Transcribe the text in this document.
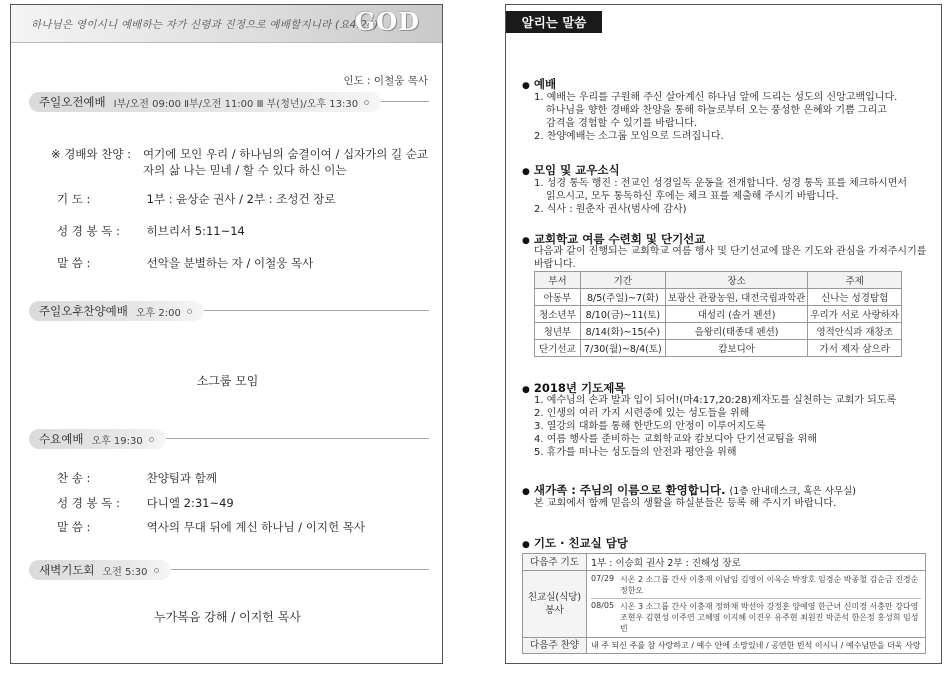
하나님은 영이시니 예배하는 자가 신령과 진정으로 예배할지니라 (요4:24)
GOD
인도 : 이철웅 목사
주일오전예배 Ⅰ부/오전 09:00 Ⅱ부/오전 11:00 Ⅲ 부(청년)/오후 13:30
※ 경배와 찬양 : 여기에 모인 우리 / 하나님의 숨결이여 / 십자가의 길 순교자의 삶 나는 믿네 / 할 수 있다 하신 이는
기 도 :	1부 : 윤상순 권사 / 2부 : 조성건 장로
성 경 봉 독 : 히브리서 5:11~14
말 씀 :	선악을 분별하는 자 / 이철웅 목사
주일오후찬양예배 오후 2:00
소그룹 모임
수요예배 오후 19:30
찬 송 :	찬양팀과 함께
성 경 봉 독 : 다니엘 2:31~49
말 씀 :	역사의 무대 뒤에 계신 하나님 / 이지헌 목사
새벽기도회 오전 5:30
누가복음 강해 / 이지헌 목사
알리는 말씀
● 예배
1. 예배는 우리를 구원해 주신 살아계신 하나님 앞에 드리는 성도의 신앙고백입니다.
하나님을 향한 경배와 찬양을 통해 하늘로부터 오는 풍성한 은혜와 기쁨 그리고
감격을 경험할 수 있기를 바랍니다.
2. 찬양예배는 소그룹 모임으로 드려집니다.
● 모임 및 교우소식
1. 성경 통독 행진 : 전교인 성경일독 운동을 전개합니다. 성경 통독 표를 체크하시면서
읽으시고, 모두 통독하신 후에는 체크 표를 제출해 주시기 바랍니다.
2. 식사 : 원춘자 권사(범사에 감사)
● 교회학교 여름 수련회 및 단기선교
다음과 같이 진행되는 교회학교 여름 행사 및 단기선교에 많은 기도와 관심을 가져주시기를
바랍니다.
부서	기간	장소	주제
아동부	8/5(주일)~7(화)	보광산 관광농원, 대전국립과학관	신나는 성경탐험
청소년부	8/10(금)~11(토)	대성리 (솔거 펜션)	우리가 서로 사랑하자
청년부	8/14(화)~15(수)	을왕리(태종대 펜션)	영적안식과 재창조
단기선교	7/30(월)~8/4(토)	캄보디아	가서 제자 삼으라
● 2018년 기도제목
1. 예수님의 손과 발과 입이 되어!(마4:17,20:28)제자도를 실천하는 교회가 되도록
2. 인생의 여러 가지 시련중에 있는 성도들을 위해
3. 열강의 대화를 통해 한반도의 안정이 이루어지도록
4. 여름 행사를 준비하는 교회학교와 캄보디아 단기선교팀을 위해
5. 휴가를 떠나는 성도들의 안전과 평안을 위해
● 새가족 : 주님의 이름으로 환영합니다. (1층 안내데스크, 혹은 사무실)
본 교회에서 함께 믿음의 생활을 하실분들은 등록 해 주시기 바랍니다.
● 기도 · 친교실 담당
다음주 기도	1부 : 이승희 권사 2부 : 진해성 장로
친교실(식당) 봉사	07/29 시온 2 소그룹 간사 이충재 이남임 김영이 이옥순 박장호 임경순 박종철 김순금 진경순 정한오
08/05 시온 3 소그룹 간사 이충재 정하채 박선아 강정훈 양예영 한근녀 신미경 서충만 강다영 조현우 김현성 이주연 고혜영 이지혜 이진우 유주현 최원진 박준석 한은정 홍성희 임성빈

다음주 찬양	내 주 되신 주를 참 사랑하고 / 예수 안에 소망있네 / 공연한 빈석 이시니 / 예수님만을 더욱 사랑
